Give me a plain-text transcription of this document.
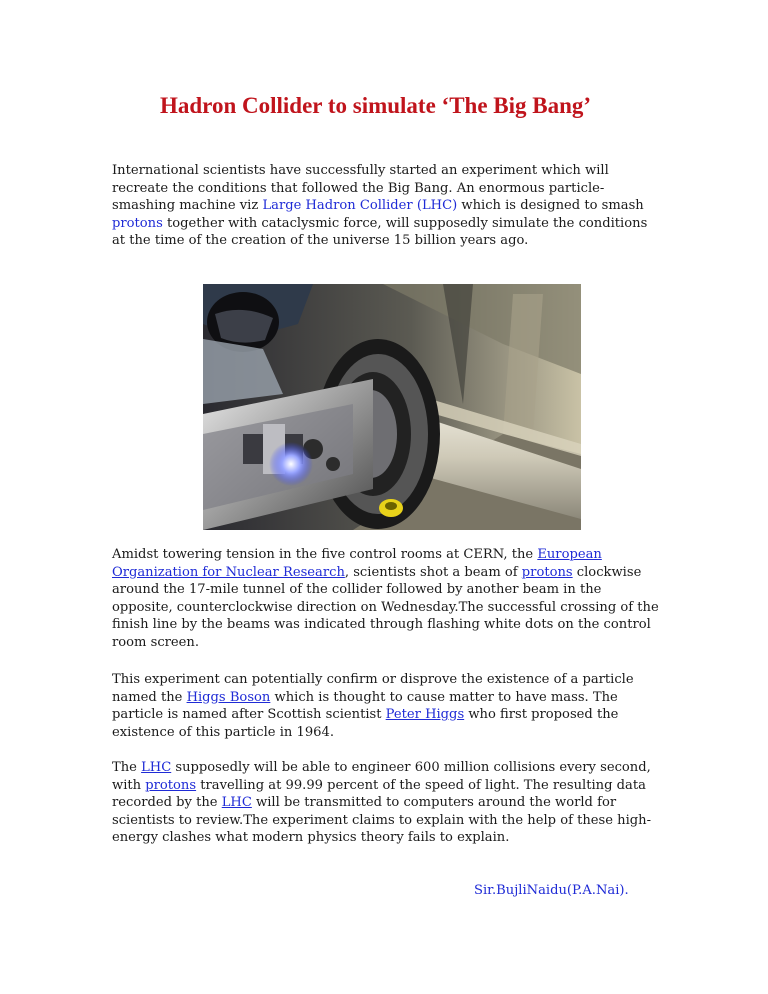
Hadron Collider to simulate ‘The Big Bang’

International scientists have successfully started an experiment which will recreate the conditions that followed the Big Bang. An enormous particle-smashing machine viz Large Hadron Collider (LHC) which is designed to smash protons together with cataclysmic force, will supposedly simulate the conditions at the time of the creation of the universe 15 billion years ago.

Amidst towering tension in the five control rooms at CERN, the European Organization for Nuclear Research, scientists shot a beam of protons clockwise around the 17-mile tunnel of the collider followed by another beam in the opposite, counterclockwise direction on Wednesday.The successful crossing of the finish line by the beams was indicated through flashing white dots on the control room screen.

This experiment can potentially confirm or disprove the existence of a particle named the Higgs Boson which is thought to cause matter to have mass. The particle is named after Scottish scientist Peter Higgs who first proposed the existence of this particle in 1964.

The LHC supposedly will be able to engineer 600 million collisions every second, with protons travelling at 99.99 percent of the speed of light. The resulting data recorded by the LHC will be transmitted to computers around the world for scientists to review.The experiment claims to explain with the help of these high-energy clashes what modern physics theory fails to explain.

Sir.BujliNaidu(P.A.Nai).
